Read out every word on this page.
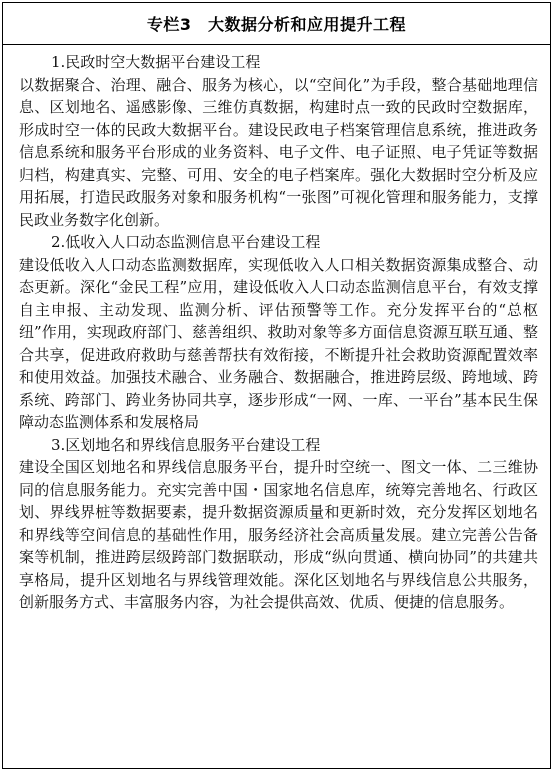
专栏3　大数据分析和应用提升工程

1.民政时空大数据平台建设工程

以数据聚合、治理、融合、服务为核心，以“空间化”为手段，整合基础地理信息、区划地名、遥感影像、三维仿真数据，构建时点一致的民政时空数据库，形成时空一体的民政大数据平台。建设民政电子档案管理信息系统，推进政务信息系统和服务平台形成的业务资料、电子文件、电子证照、电子凭证等数据归档，构建真实、完整、可用、安全的电子档案库。强化大数据时空分析及应用拓展，打造民政服务对象和服务机构“一张图”可视化管理和服务能力，支撑民政业务数字化创新。

2.低收入人口动态监测信息平台建设工程

建设低收入人口动态监测数据库，实现低收入人口相关数据资源集成整合、动态更新。深化“金民工程”应用，建设低收入人口动态监测信息平台，有效支撑自主申报、主动发现、监测分析、评估预警等工作。充分发挥平台的“总枢纽”作用，实现政府部门、慈善组织、救助对象等多方面信息资源互联互通、整合共享，促进政府救助与慈善帮扶有效衔接，不断提升社会救助资源配置效率和使用效益。加强技术融合、业务融合、数据融合，推进跨层级、跨地域、跨系统、跨部门、跨业务协同共享，逐步形成“一网、一库、一平台”基本民生保障动态监测体系和发展格局

3.区划地名和界线信息服务平台建设工程

建设全国区划地名和界线信息服务平台，提升时空统一、图文一体、二三维协同的信息服务能力。充实完善中国・国家地名信息库，统筹完善地名、行政区划、界线界桩等数据要素，提升数据资源质量和更新时效，充分发挥区划地名和界线等空间信息的基础性作用，服务经济社会高质量发展。建立完善公告备案等机制，推进跨层级跨部门数据联动，形成“纵向贯通、横向协同”的共建共享格局，提升区划地名与界线管理效能。深化区划地名与界线信息公共服务，创新服务方式、丰富服务内容，为社会提供高效、优质、便捷的信息服务。
